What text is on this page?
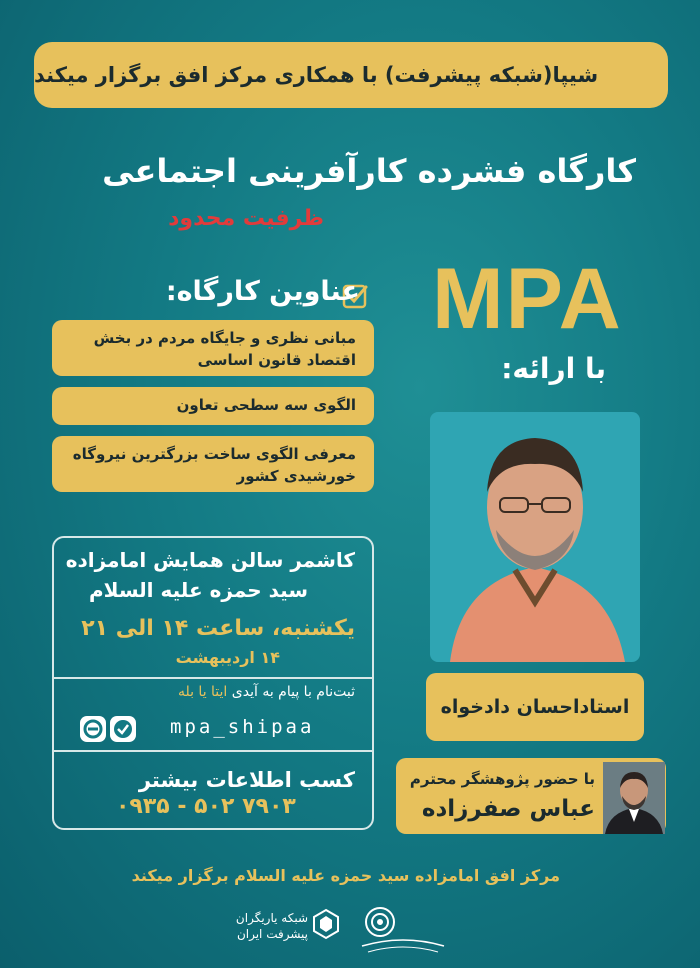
شیپا(شبکه پیشرفت) با همکاری مرکز افق برگزار میکند
کارگاه فشرده کارآفرینی اجتماعی
ظرفیت محدود
MPA
با ارائه:
عناوین کارگاه:
مبانی نظری و جایگاه مردم در بخش اقتصاد قانون اساسی
الگوی سه سطحی تعاون
معرفی الگوی ساخت بزرگترین نیروگاه خورشیدی کشور
کاشمر سالن همایش امامزاده
سید حمزه علیه السلام
یکشنبه، ساعت ۱۴ الی ۲۱
۱۴ اردیبهشت
ثبت‌نام با پیام به آیدی ایتا یا بله
mpa_shipaa
کسب اطلاعات بیشتر
۰۹۳۵ - ۵۰۲ ۷۹۰۳
استاداحسان دادخواه
با حضور پژوهشگر محترم
عباس صفرزاده
مرکز افق امامزاده سید حمزه علیه السلام برگزار میکند
شبکه یاریگران
پیشرفت ایران
